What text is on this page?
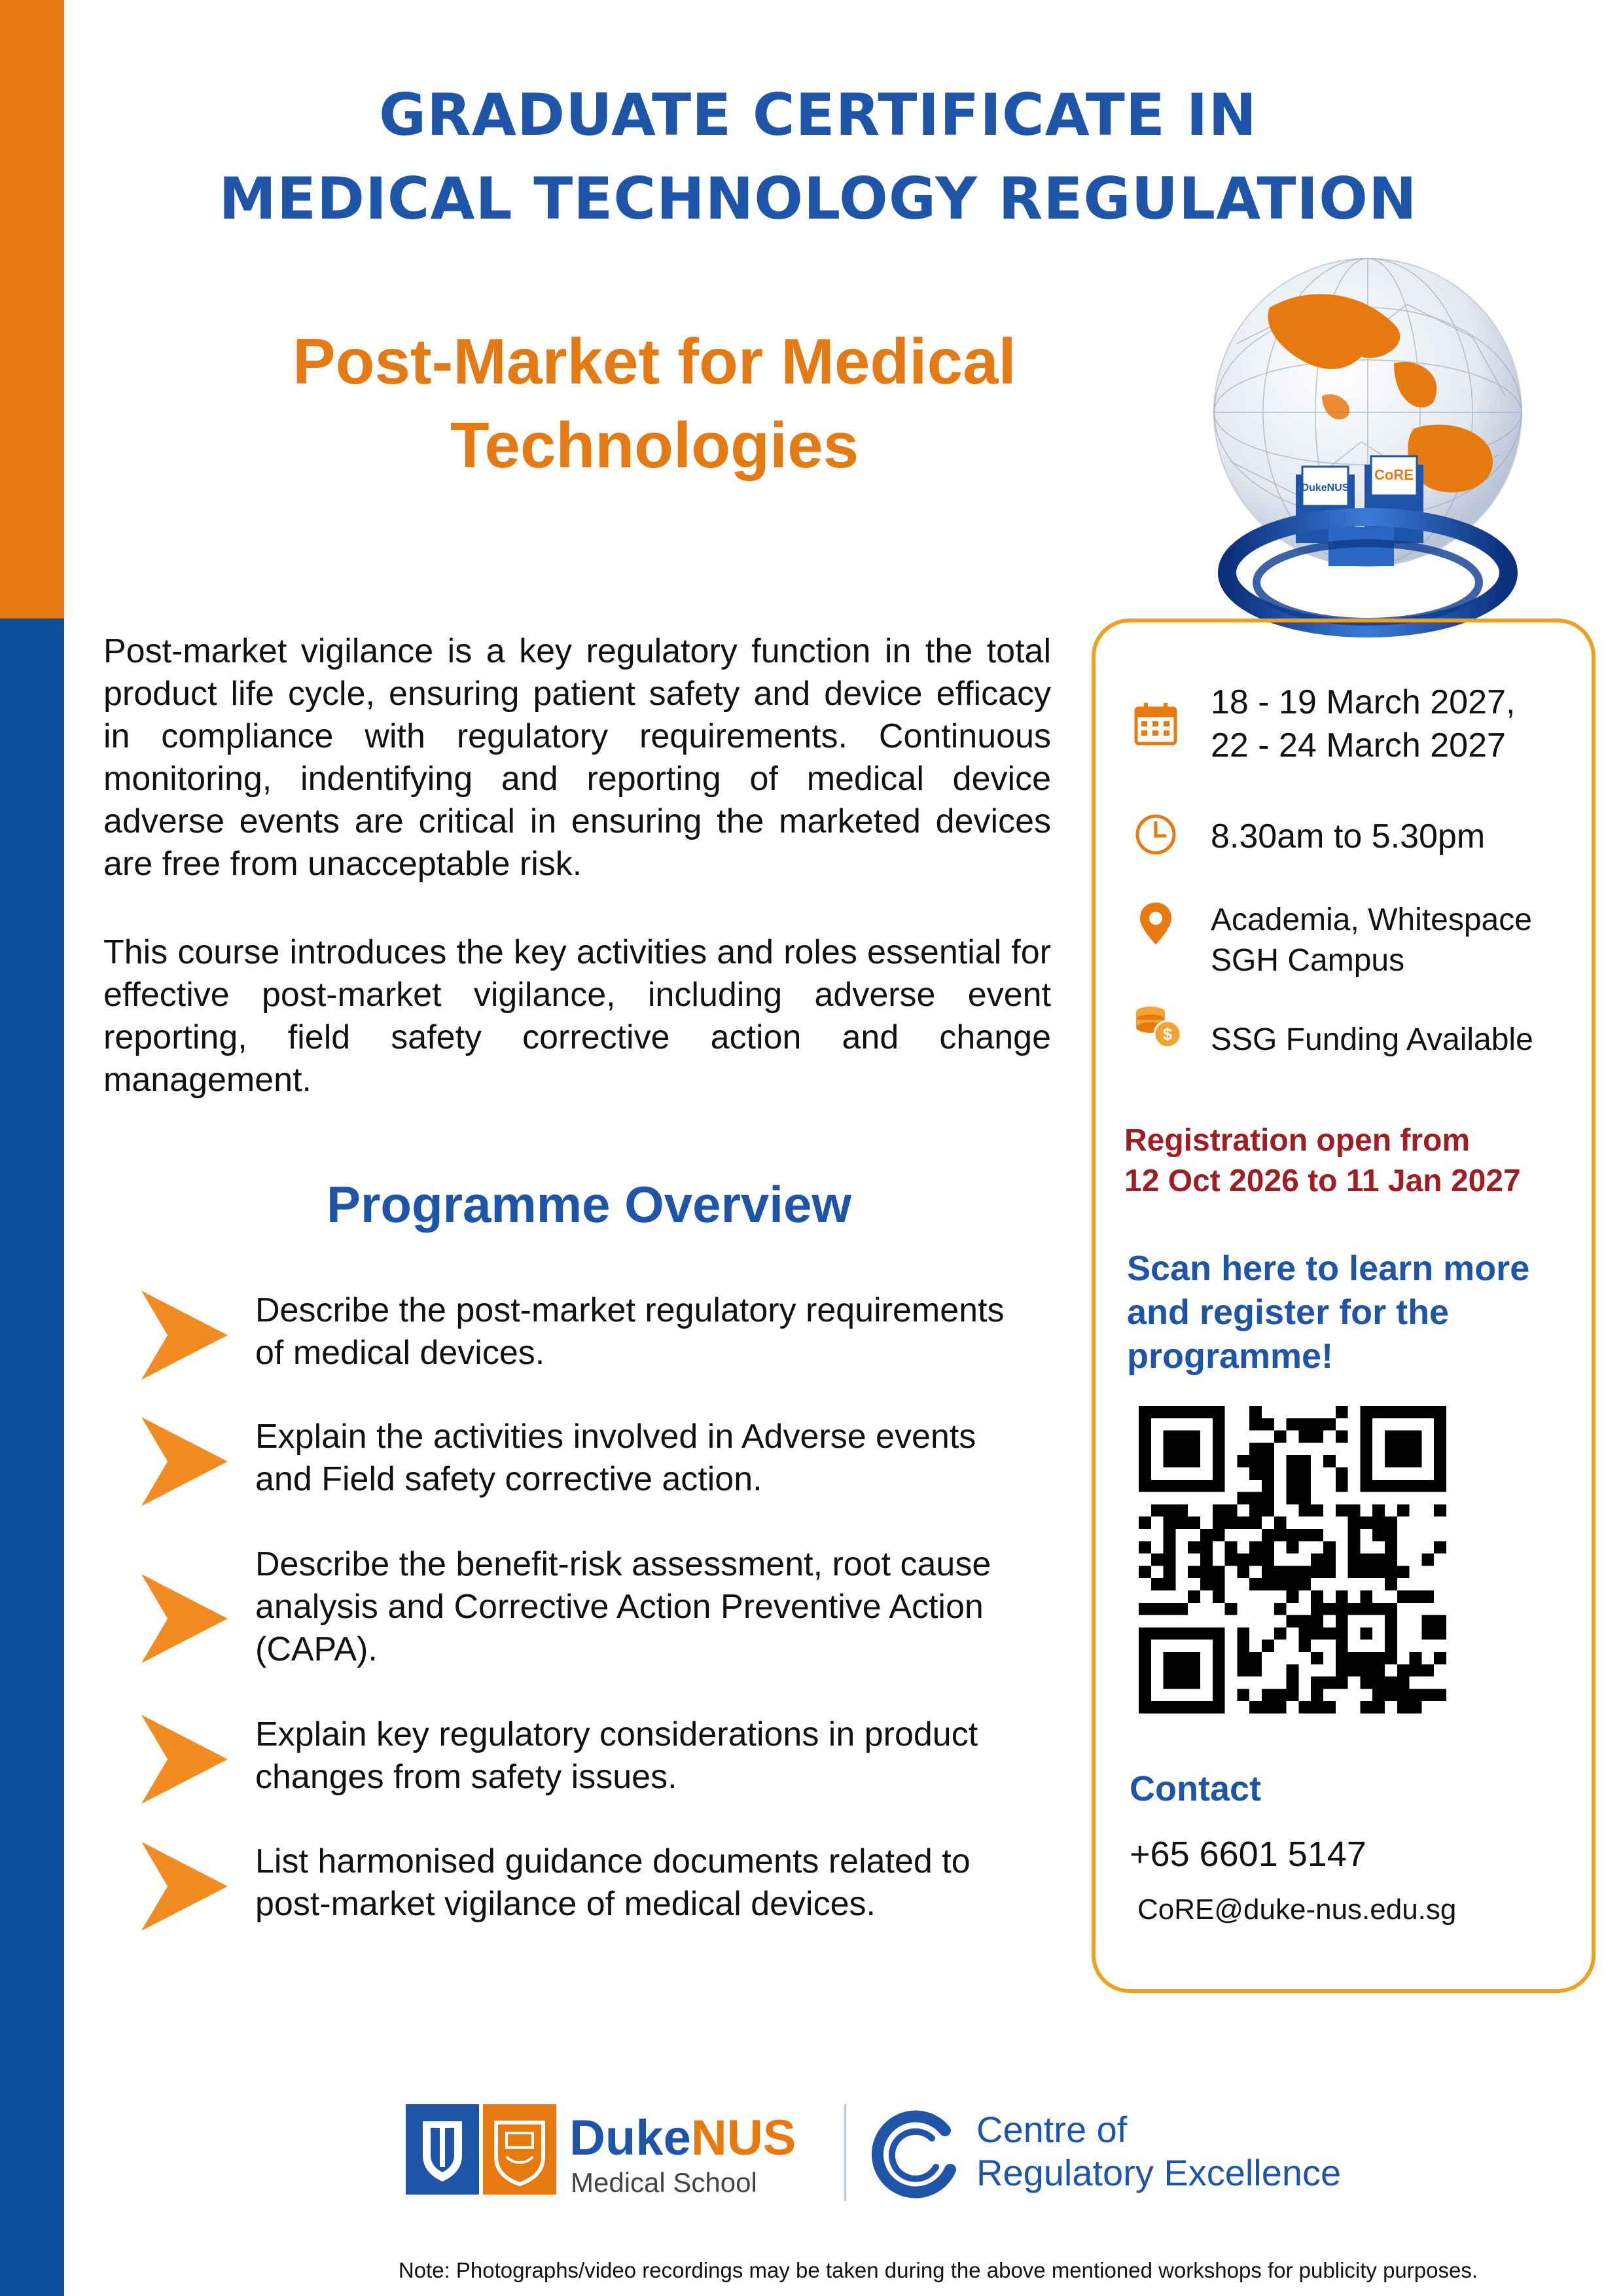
GRADUATE CERTIFICATE IN
MEDICAL TECHNOLOGY REGULATION
Post-Market for Medical
Technologies
DukeNUS
CoRE
Post-market vigilance is a key regulatory function in the total product life cycle, ensuring patient safety and device efficacy in compliance with regulatory requirements. Continuous monitoring, indentifying and reporting of medical device adverse events are critical in ensuring the marketed devices are free from unacceptable risk.
This course introduces the key activities and roles essential for effective post-market vigilance, including adverse event reporting, field safety corrective action and change management.
Programme Overview
Describe the post-market regulatory requirements
of medical devices.
Explain the activities involved in Adverse events
and Field safety corrective action.
Describe the benefit-risk assessment, root cause
analysis and Corrective Action Preventive Action
(CAPA).
Explain key regulatory considerations in product
changes from safety issues.
List harmonised guidance documents related to
post-market vigilance of medical devices.
18 - 19 March 2027,
22 - 24 March 2027
8.30am to 5.30pm
Academia, Whitespace
SGH Campus
$ SSG Funding Available
Registration open from
12 Oct 2026 to 11 Jan 2027
Scan here to learn more
and register for the
programme!
Contact
+65 6601 5147
CoRE@duke-nus.edu.sg
DukeNUS
Medical School
Centre of
Regulatory Excellence
Note: Photographs/video recordings may be taken during the above mentioned workshops for publicity purposes.
